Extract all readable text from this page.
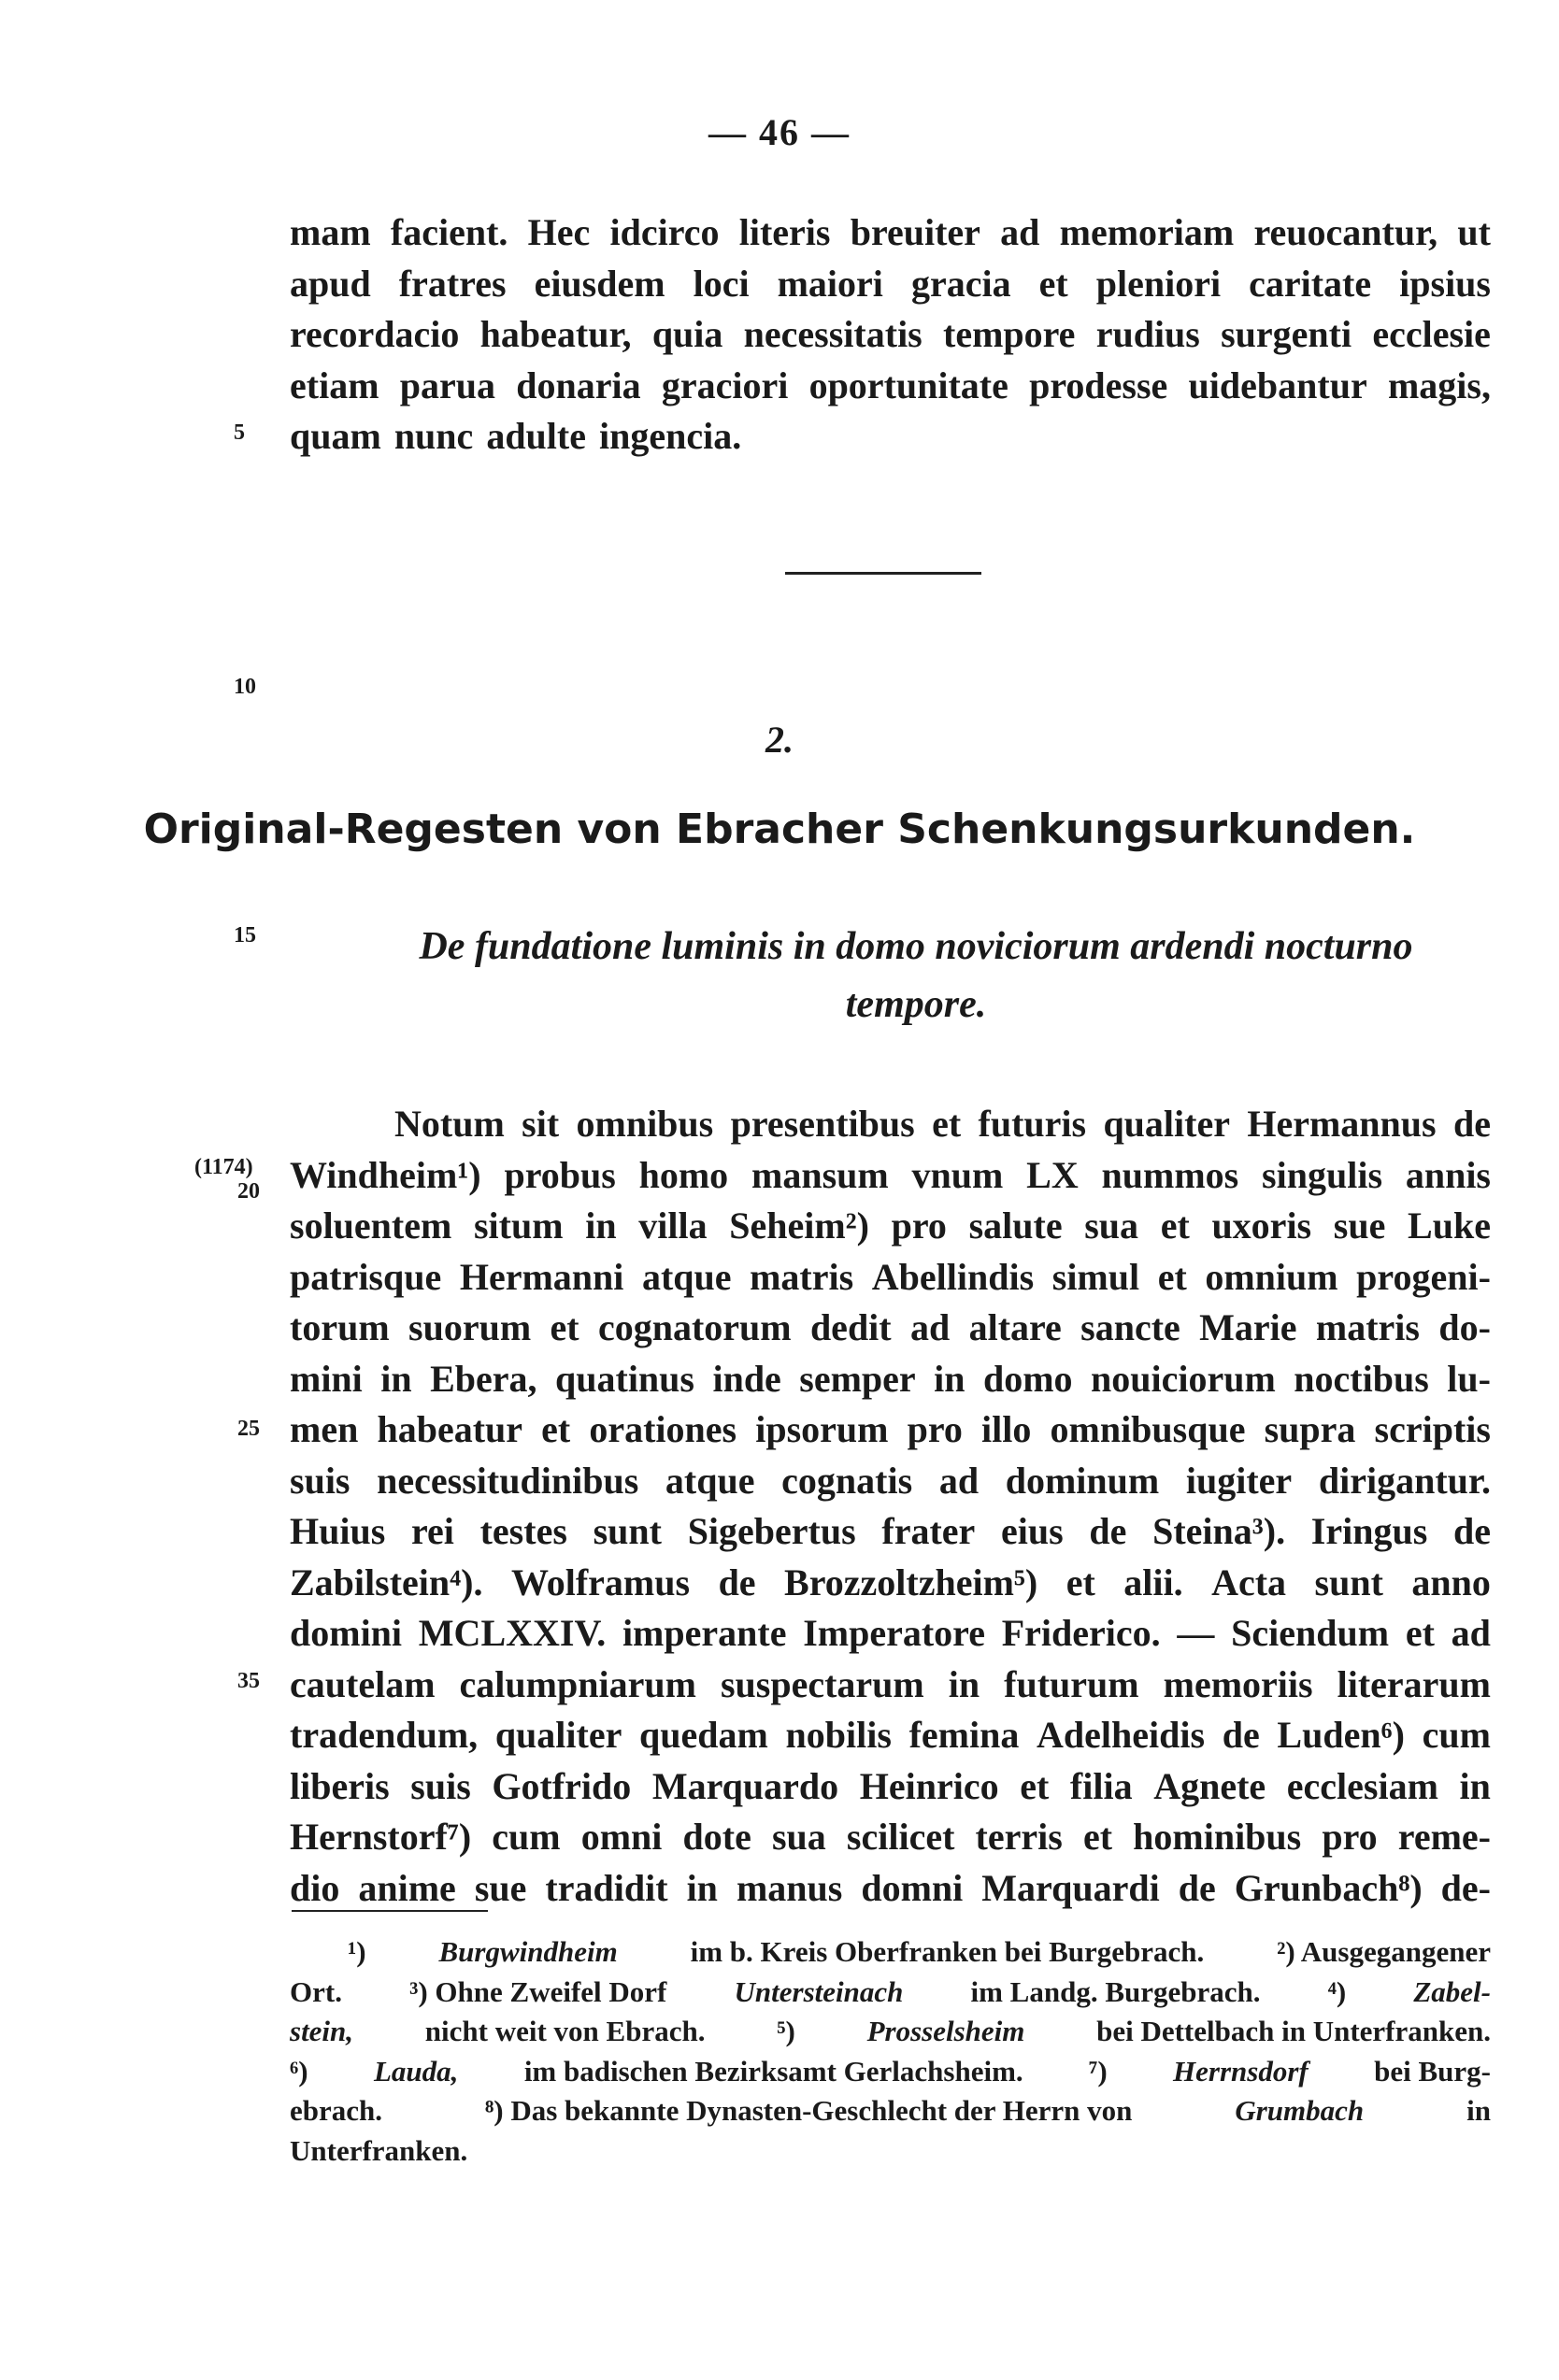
— 46 —
mam facient. Hec idcirco literis breuiter ad memoriam reuocantur, ut
apud fratres eiusdem loci maiori gracia et pleniori caritate ipsius
recordacio habeatur, quia necessitatis tempore rudius surgenti ecclesie
etiam parua donaria graciori oportunitate prodesse uidebantur magis,
quam nunc adulte ingencia.
5
10
2.
Original-Regesten von Ebracher Schenkungsurkunden.
15	De fundatione luminis in domo noviciorum ardendi nocturno
tempore.
(1174)
20
25
35
Notum sit omnibus presentibus et futuris qualiter Hermannus de
Windheim¹) probus homo mansum vnum LX nummos singulis annis
soluentem situm in villa Seheim²) pro salute sua et uxoris sue Luke
patrisque Hermanni atque matris Abellindis simul et omnium progeni-
torum suorum et cognatorum dedit ad altare sancte Marie matris do-
mini in Ebera, quatinus inde semper in domo nouiciorum noctibus lu-
men habeatur et orationes ipsorum pro illo omnibusque supra scriptis
suis necessitudinibus atque cognatis ad dominum iugiter dirigantur.
Huius rei testes sunt Sigebertus frater eius de Steina³). Iringus de
Zabilstein⁴). Wolframus de Brozzoltzheim⁵) et alii. Acta sunt anno
domini MCLXXIV. imperante Imperatore Friderico. — Sciendum et ad
cautelam calumpniarum suspectarum in futurum memoriis literarum
tradendum, qualiter quedam nobilis femina Adelheidis de Luden⁶) cum
liberis suis Gotfrido Marquardo Heinrico et filia Agnete ecclesiam in
Hernstorf⁷) cum omni dote sua scilicet terris et hominibus pro reme-
dio anime sue tradidit in manus domni Marquardi de Grunbach⁸) de-
¹)	Burgwindheim	im b. Kreis Oberfranken bei Burgebrach.	²) Ausgegangener
Ort. ³) Ohne Zweifel Dorf Untersteinach im Landg. Burgebrach. ⁴) Zabel-
stein, nicht weit von Ebrach. ⁵) Prosselsheim bei Dettelbach in Unterfranken.
⁶) Lauda, im badischen Bezirksamt Gerlachsheim. ⁷) Herrnsdorf bei Burg-
ebrach.	⁸) Das bekannte Dynasten-Geschlecht der Herrn von	Grumbach	in
Unterfranken.
